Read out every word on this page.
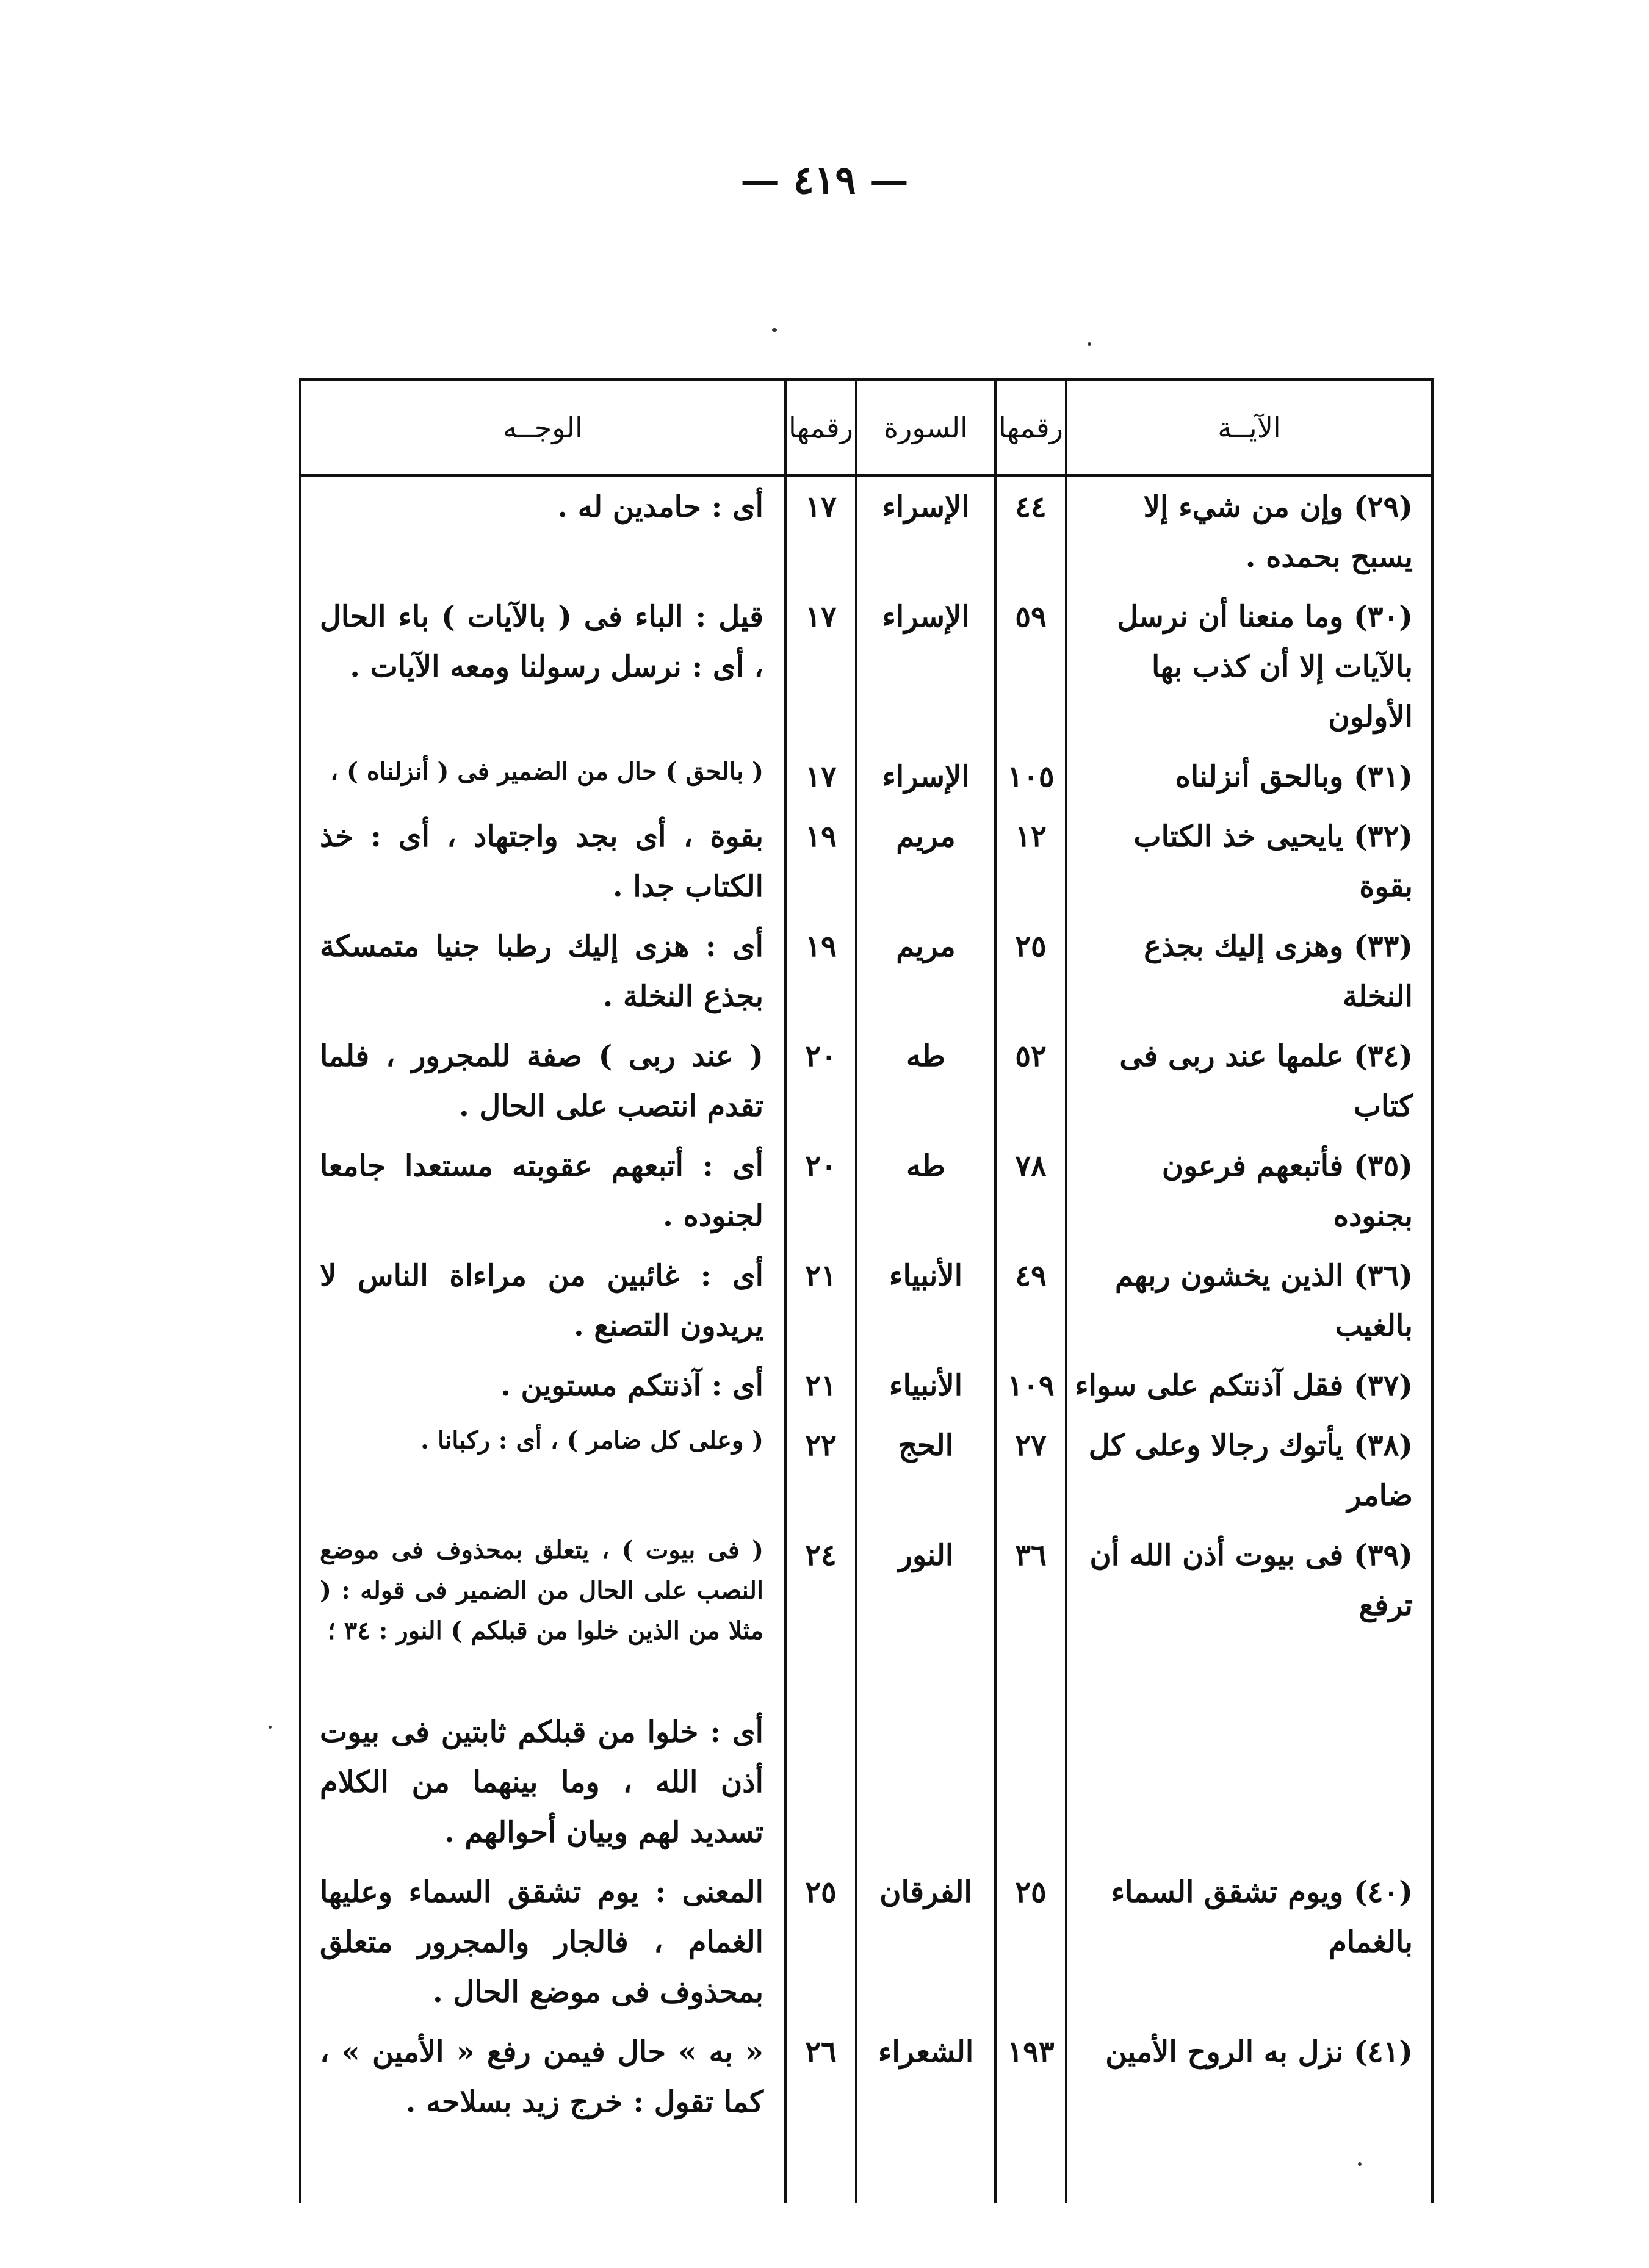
— ٤١٩ —
الآيــة	رقمها	السورة	رقمها	الوجــه
(٢٩) وإن من شيء إلا يسبح بحمده .	٤٤	الإسراء	١٧	أى : حامدين له .
(٣٠) وما منعنا أن نرسل بالآيات إلا أن كذب بها الأولون	٥٩	الإسراء	١٧	قيل : الباء فى ( بالآيات ) باء الحال ، أى : نرسل رسولنا ومعه الآيات .
(٣١) وبالحق أنزلناه	١٠٥	الإسراء	١٧	( بالحق ) حال من الضمير فى ( أنزلناه ) ،
(٣٢) يايحيى خذ الكتاب بقوة	١٢	مريم	١٩	بقوة ، أى بجد واجتهاد ، أى : خذ الكتاب جدا .
(٣٣) وهزى إليك بجذع النخلة	٢٥	مريم	١٩	أى : هزى إليك رطبا جنيا متمسكة بجذع النخلة .
(٣٤) علمها عند ربى فى كتاب	٥٢	طه	٢٠	( عند ربى ) صفة للمجرور ، فلما تقدم انتصب على الحال .
(٣٥) فأتبعهم فرعون بجنوده	٧٨	طه	٢٠	أى : أتبعهم عقوبته مستعدا جامعا لجنوده .
(٣٦) الذين يخشون ربهم بالغيب	٤٩	الأنبياء	٢١	أى : غائبين من مراءاة الناس لا يريدون التصنع .
(٣٧) فقل آذنتكم على سواء	١٠٩	الأنبياء	٢١	أى : آذنتكم مستوين .
(٣٨) يأتوك رجالا وعلى كل ضامر	٢٧	الحج	٢٢	( وعلى كل ضامر ) ، أى : ركبانا .
(٣٩) فى بيوت أذن الله أن ترفع	٣٦	النور	٢٤	( فى بيوت ) ، يتعلق بمحذوف فى موضع النصب على الحال من الضمير فى قوله : ( مثلا من الذين خلوا من قبلكم ) النور : ٣٤ ؛

				أى : خلوا من قبلكم ثابتين فى بيوت أذن الله ، وما بينهما من الكلام تسديد لهم وبيان أحوالهم .
(٤٠) ويوم تشقق السماء بالغمام	٢٥	الفرقان	٢٥	المعنى : يوم تشقق السماء وعليها الغمام ، فالجار والمجرور متعلق بمحذوف فى موضع الحال .
(٤١) نزل به الروح الأمين	١٩٣	الشعراء	٢٦	« به » حال فيمن رفع « الأمين » ، كما تقول : خرج زيد بسلاحه .
